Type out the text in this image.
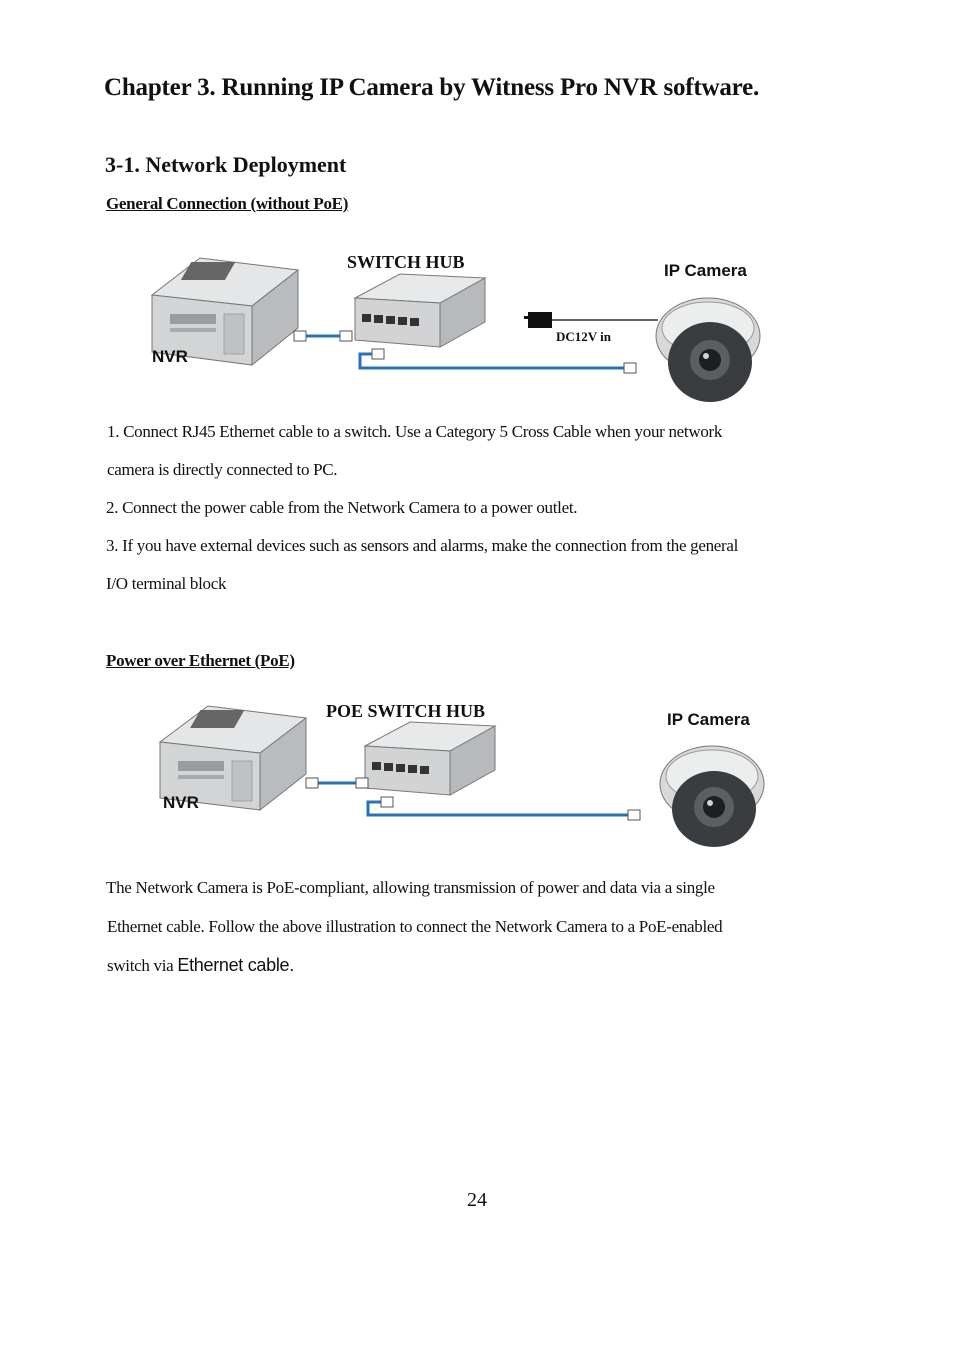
Chapter 3. Running IP Camera by Witness Pro NVR software.
3-1. Network Deployment
General Connection (without PoE)
NVR
SWITCH HUB
DC12V in
IP Camera
1. Connect RJ45 Ethernet cable to a switch. Use a Category 5 Cross Cable when your network
camera is directly connected to PC.
2. Connect the power cable from the Network Camera to a power outlet.
3. If you have external devices such as sensors and alarms, make the connection from the general
I/O terminal block
Power over Ethernet (PoE)
NVR
POE SWITCH HUB	IP Camera
The Network Camera is PoE-compliant, allowing transmission of power and data via a single
Ethernet cable. Follow the above illustration to connect the Network Camera to a PoE-enabled
switch via Ethernet cable.
24
